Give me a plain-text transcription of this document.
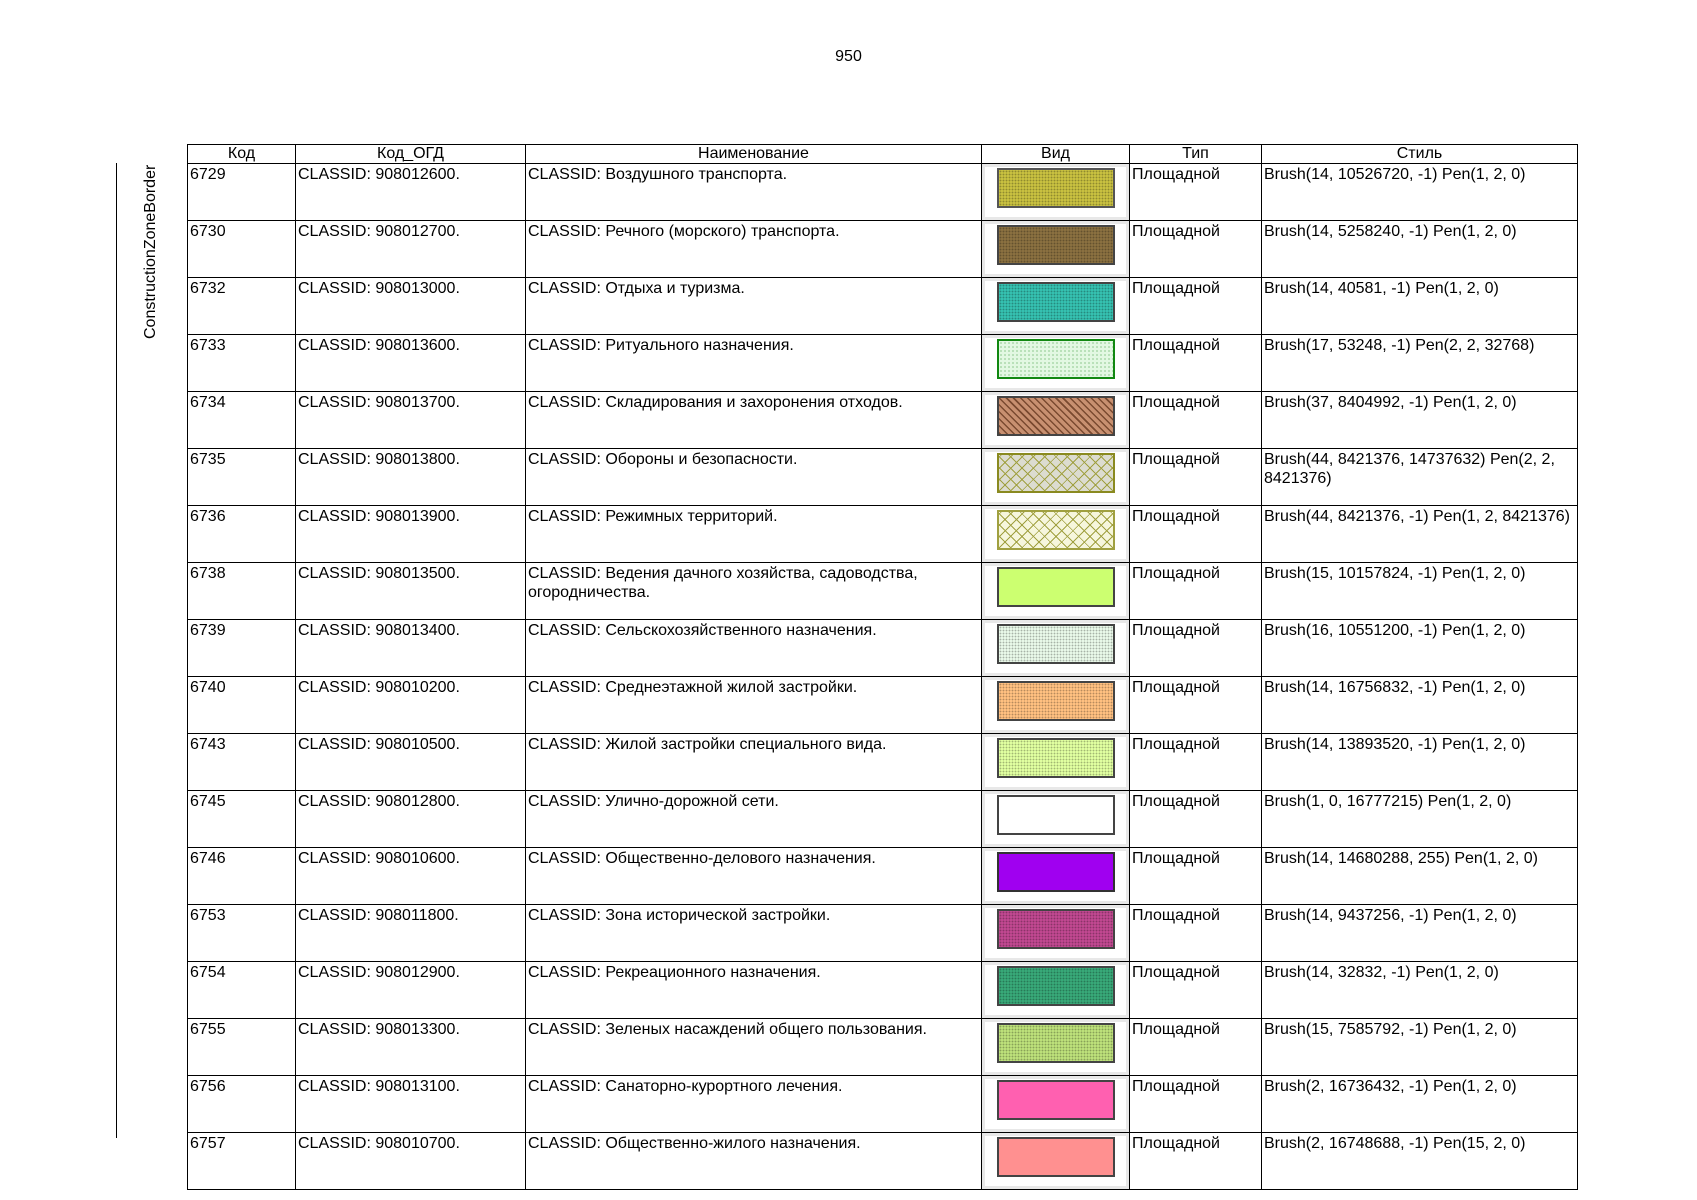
950
ConstructionZoneBorder
Код	Код_ОГД	Наименование	Вид	Тип	Стиль
6729	CLASSID: 908012600.	CLASSID: Воздушного транспорта.		Площадной	Brush(14, 10526720, -1) Pen(1, 2, 0)
6730	CLASSID: 908012700.	CLASSID: Речного (морского) транспорта.		Площадной	Brush(14, 5258240, -1) Pen(1, 2, 0)
6732	CLASSID: 908013000.	CLASSID: Отдыха и туризма.		Площадной	Brush(14, 40581, -1) Pen(1, 2, 0)
6733	CLASSID: 908013600.	CLASSID: Ритуального назначения.		Площадной	Brush(17, 53248, -1) Pen(2, 2, 32768)
6734	CLASSID: 908013700.	CLASSID: Складирования и захоронения отходов.		Площадной	Brush(37, 8404992, -1) Pen(1, 2, 0)
6735	CLASSID: 908013800.	CLASSID: Обороны и безопасности.		Площадной	Brush(44, 8421376, 14737632) Pen(2, 2, 8421376)
6736	CLASSID: 908013900.	CLASSID: Режимных территорий.		Площадной	Brush(44, 8421376, -1) Pen(1, 2, 8421376)
6738	CLASSID: 908013500.	CLASSID: Ведения дачного хозяйства, садоводства, огородничества.		Площадной	Brush(15, 10157824, -1) Pen(1, 2, 0)
6739	CLASSID: 908013400.	CLASSID: Сельскохозяйственного назначения.		Площадной	Brush(16, 10551200, -1) Pen(1, 2, 0)
6740	CLASSID: 908010200.	CLASSID: Среднеэтажной жилой застройки.		Площадной	Brush(14, 16756832, -1) Pen(1, 2, 0)
6743	CLASSID: 908010500.	CLASSID: Жилой застройки специального вида.		Площадной	Brush(14, 13893520, -1) Pen(1, 2, 0)
6745	CLASSID: 908012800.	CLASSID: Улично-дорожной сети.		Площадной	Brush(1, 0, 16777215) Pen(1, 2, 0)
6746	CLASSID: 908010600.	CLASSID: Общественно-делового назначения.		Площадной	Brush(14, 14680288, 255) Pen(1, 2, 0)
6753	CLASSID: 908011800.	CLASSID: Зона исторической застройки.		Площадной	Brush(14, 9437256, -1) Pen(1, 2, 0)
6754	CLASSID: 908012900.	CLASSID: Рекреационного назначения.		Площадной	Brush(14, 32832, -1) Pen(1, 2, 0)
6755	CLASSID: 908013300.	CLASSID: Зеленых насаждений общего пользования.		Площадной	Brush(15, 7585792, -1) Pen(1, 2, 0)
6756	CLASSID: 908013100.	CLASSID: Санаторно-курортного лечения.		Площадной	Brush(2, 16736432, -1) Pen(1, 2, 0)
6757	CLASSID: 908010700.	CLASSID: Общественно-жилого назначения.		Площадной	Brush(2, 16748688, -1) Pen(15, 2, 0)
